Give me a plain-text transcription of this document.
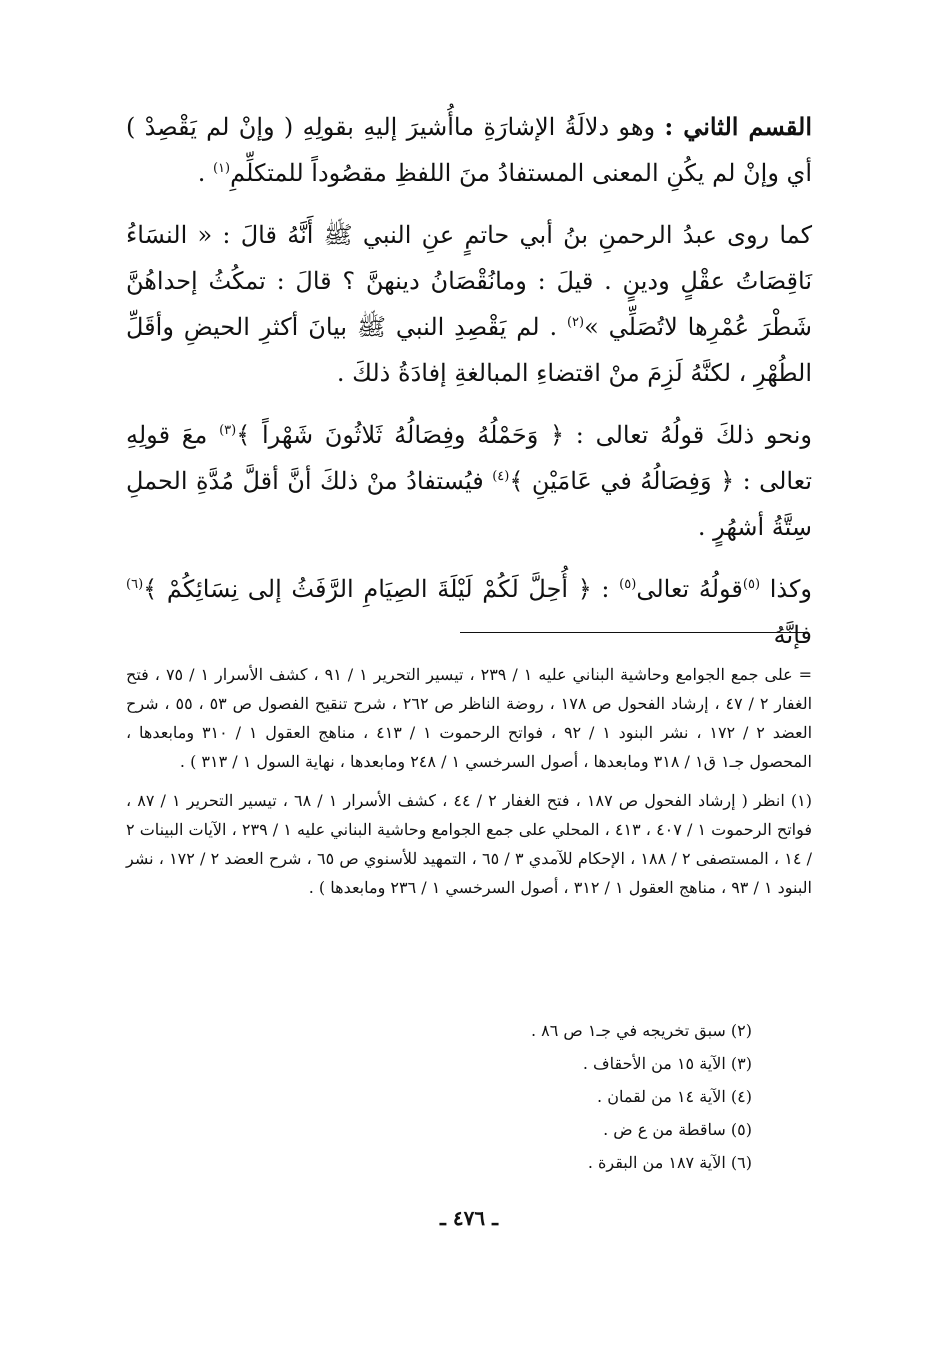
القسم الثاني : وهو دلالَةُ الإشارَةِ ماأُشيرَ إليهِ بقولِهِ ( وإنْ لم يَقْصِدْ ) أي وإنْ لم يكُنِ المعنى المستفادُ منَ اللفظِ مقصُوداً للمتكلِّمِ$^{(١)}$ .

كما روى عبدُ الرحمنِ بنُ أبي حاتمٍ عنِ النبي ﷺ أَنَّهُ قالَ : « النسَاءُ نَاقِصَاتُ عقْلٍ ودينٍ . قيلَ : ومانُقْصَانُ دينهنَّ ؟ قالَ : تمكُثُ إحداهُنَّ شَطْرَ عُمْرِها لاتُصَلِّي »$^{(٢)}$ . لم يَقْصِدِ النبي ﷺ بيانَ أكثرِ الحيضِ وأقَلِّ الطُهْرِ ، لكنَّهُ لَزِمَ منْ اقتضاءِ المبالغةِ إفادَةُ ذلكَ .

ونحو ذلكَ قولُهُ تعالى : ﴿ وَحَمْلُهُ وفِصَالُهُ ثَلاثُونَ شَهْراً ﴾$^{(٣)}$ معَ قولِهِ تعالى : ﴿ وَفِصَالُهُ في عَامَيْنِ ﴾$^{(٤)}$ فيُستفادُ منْ ذلكَ أنَّ أقلَّ مُدَّةِ الحملِ سِتَّةُ أشهُرٍ .

وكذا $^{(٥)}$قولُهُ تعالى$^{(٥)}$ : ﴿ أُحِلَّ لَكُمْ لَيْلَةَ الصِيَامِ الرَّفَثُ إلى نِسَائِكُمْ ﴾$^{(٦)}$ فإنَّهُ

= على جمع الجوامع وحاشية البناني عليه ١ / ٢٣٩ ، تيسير التحرير ١ / ٩١ ، كشف الأسرار ١ / ٧٥ ، فتح الغفار ٢ / ٤٧ ، إرشاد الفحول ص ١٧٨ ، روضة الناظر ص ٢٦٢ ، شرح تنقيح الفصول ص ٥٣ ، ٥٥ ، شرح العضد ٢ / ١٧٢ ، نشر البنود ١ / ٩٢ ، فواتح الرحموت ١ / ٤١٣ ، مناهج العقول ١ / ٣١٠ ومابعدها ، المحصول جـ١ ق١ / ٣١٨ ومابعدها ، أصول السرخسي ١ / ٢٤٨ ومابعدها ، نهاية السول ١ / ٣١٣ ) .

(١) انظر ( إرشاد الفحول ص ١٨٧ ، فتح الغفار ٢ / ٤٤ ، كشف الأسرار ١ / ٦٨ ، تيسير التحرير ١ / ٨٧ ، فواتح الرحموت ١ / ٤٠٧ ، ٤١٣ ، المحلي على جمع الجوامع وحاشية البناني عليه ١ / ٢٣٩ ، الآيات البينات ٢ / ١٤ ، المستصفى ٢ / ١٨٨ ، الإحكام للآمدي ٣ / ٦٥ ، التمهيد للأسنوي ص ٦٥ ، شرح العضد ٢ / ١٧٢ ، نشر البنود ١ / ٩٣ ، مناهج العقول ١ / ٣١٢ ، أصول السرخسي ١ / ٢٣٦ ومابعدها ) .

(٢) سبق تخريجه في جـ١ ص ٨٦ .
(٣) الآية ١٥ من الأحقاف .
(٤) الآية ١٤ من لقمان .
(٥) ساقطة من ع ض .
(٦) الآية ١٨٧ من البقرة .
ـ ٤٧٦ ـ
